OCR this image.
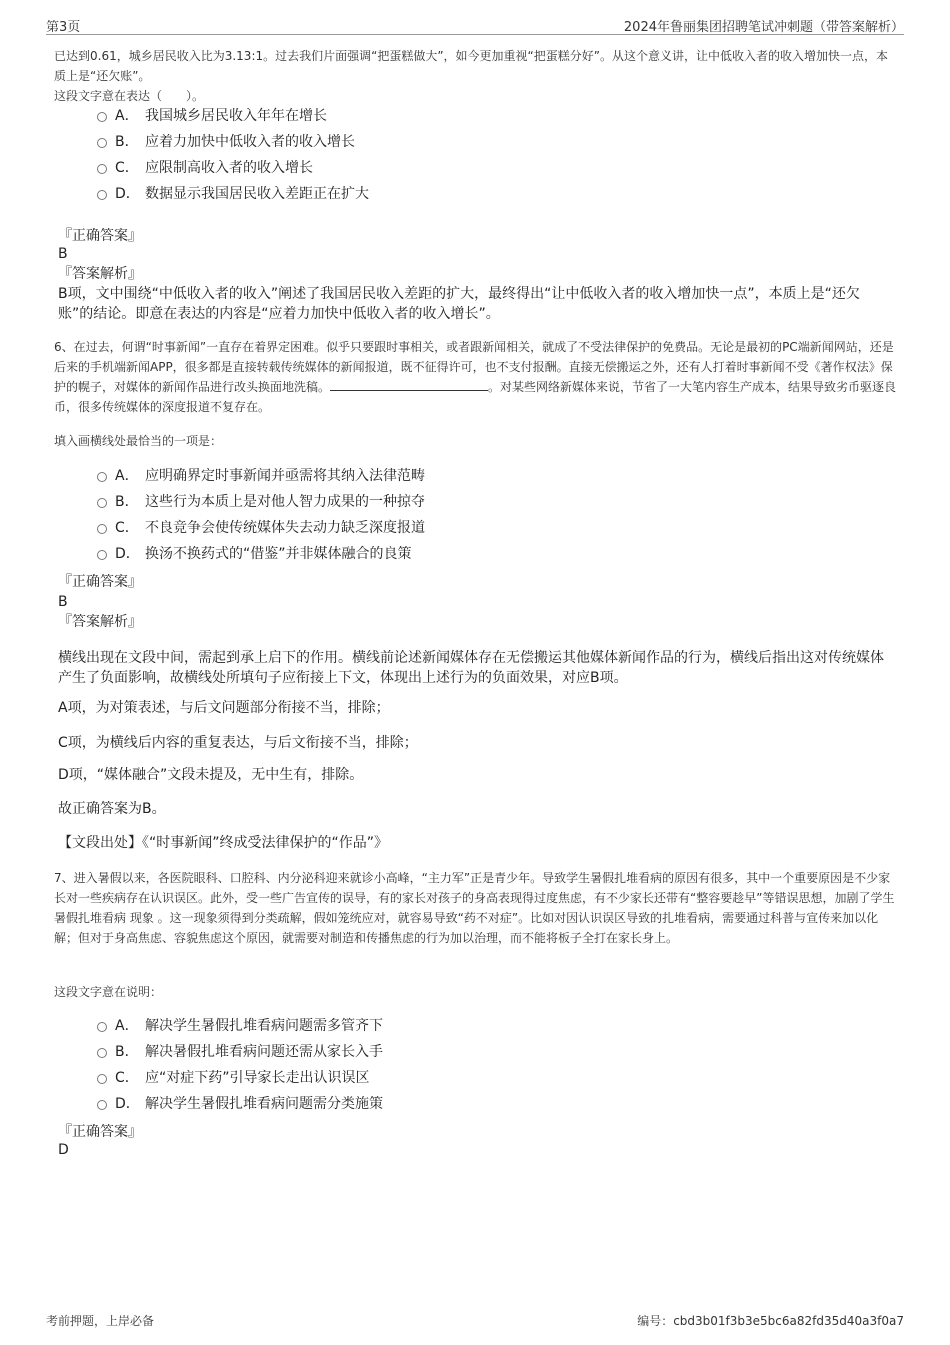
第3页	2024年鲁丽集团招聘笔试冲刺题（带答案解析）

已达到0.61，城乡居民收入比为3.13:1。过去我们片面强调“把蛋糕做大”，如今更加重视“把蛋糕分好”。从这个意义讲，让中低收入者的收入增加快一点，本质上是“还欠账”。

这段文字意在表达（　　）。

A． 我国城乡居民收入年年在增长
B． 应着力加快中低收入者的收入增长
C． 应限制高收入者的收入增长
D． 数据显示我国居民收入差距正在扩大
『正确答案』
B
『答案解析』

B项，文中围绕“中低收入者的收入”阐述了我国居民收入差距的扩大，最终得出“让中低收入者的收入增加快一点”，本质上是“还欠账”的结论。即意在表达的内容是“应着力加快中低收入者的收入增长”。

6、在过去，何谓“时事新闻”一直存在着界定困难。似乎只要跟时事相关，或者跟新闻相关，就成了不受法律保护的免费品。无论是最初的PC端新闻网站，还是后来的手机端新闻APP，很多都是直接转载传统媒体的新闻报道，既不征得许可，也不支付报酬。直接无偿搬运之外，还有人打着时事新闻不受《著作权法》保护的幌子，对媒体的新闻作品进行改头换面地洗稿。	。对某些网络新媒体来说，节省了一大笔内容生产成本，结果导致劣币驱逐良币，很多传统媒体的深度报道不复存在。

填入画横线处最恰当的一项是：

A． 应明确界定时事新闻并亟需将其纳入法律范畴
B． 这些行为本质上是对他人智力成果的一种掠夺
C． 不良竞争会使传统媒体失去动力缺乏深度报道
D． 换汤不换药式的“借鉴”并非媒体融合的良策
『正确答案』
B
『答案解析』

横线出现在文段中间，需起到承上启下的作用。横线前论述新闻媒体存在无偿搬运其他媒体新闻作品的行为，横线后指出这对传统媒体产生了负面影响，故横线处所填句子应衔接上下文，体现出上述行为的负面效果，对应B项。

A项，为对策表述，与后文问题部分衔接不当，排除；

C项，为横线后内容的重复表达，与后文衔接不当，排除；

D项，“媒体融合”文段未提及，无中生有，排除。

故正确答案为B。

【文段出处】《“时事新闻”终成受法律保护的“作品”》

7、进入暑假以来，各医院眼科、口腔科、内分泌科迎来就诊小高峰，“主力军”正是青少年。导致学生暑假扎堆看病的原因有很多，其中一个重要原因是不少家长对一些疾病存在认识误区。此外，受一些广告宣传的误导，有的家长对孩子的身高表现得过度焦虑，有不少家长还带有“整容要趁早”等错误思想，加剧了学生暑假扎堆看病 现象 。这一现象须得到分类疏解，假如笼统应对，就容易导致“药不对症”。比如对因认识误区导致的扎堆看病，需要通过科普与宣传来加以化解；但对于身高焦虑、容貌焦虑这个原因，就需要对制造和传播焦虑的行为加以治理，而不能将板子全打在家长身上。

这段文字意在说明：

A． 解决学生暑假扎堆看病问题需多管齐下
B． 解决暑假扎堆看病问题还需从家长入手
C． 应“对症下药”引导家长走出认识误区
D． 解决学生暑假扎堆看病问题需分类施策
『正确答案』
D
考前押题，上岸必备	编号：cbd3b01f3b3e5bc6a82fd35d40a3f0a7
